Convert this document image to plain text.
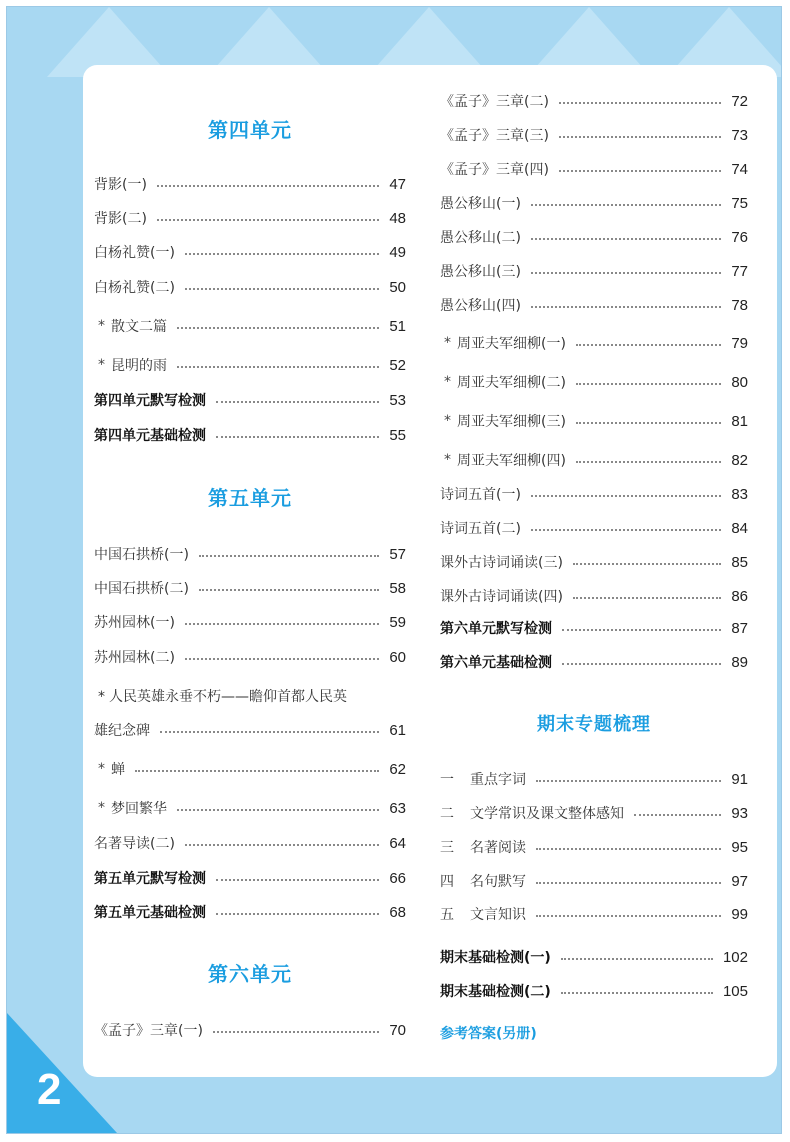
2
第四单元
背影(一)	47
背影(二)	48
白杨礼赞(一)	49
白杨礼赞(二)	50
* 散文二篇	51
* 昆明的雨	52
第四单元默写检测	53
第四单元基础检测	55
第五单元
中国石拱桥(一)	57
中国石拱桥(二)	58
苏州园林(一)	59
苏州园林(二)	60
* 人民英雄永垂不朽——瞻仰首都人民英
雄纪念碑	61
* 蝉	62
* 梦回繁华	63
名著导读(二)	64
第五单元默写检测	66
第五单元基础检测	68
第六单元
《孟子》三章(一)	70
《孟子》三章(二)	72
《孟子》三章(三)	73
《孟子》三章(四)	74
愚公移山(一)	75
愚公移山(二)	76
愚公移山(三)	77
愚公移山(四)	78
* 周亚夫军细柳(一)	79
* 周亚夫军细柳(二)	80
* 周亚夫军细柳(三)	81
* 周亚夫军细柳(四)	82
诗词五首(一)	83
诗词五首(二)	84
课外古诗词诵读(三)	85
课外古诗词诵读(四)	86
第六单元默写检测	87
第六单元基础检测	89
期末专题梳理
一	重点字词	91
二	文学常识及课文整体感知	93
三	名著阅读	95
四	名句默写	97
五	文言知识	99
期末基础检测(一)	102
期末基础检测(二)	105
参考答案(另册)
